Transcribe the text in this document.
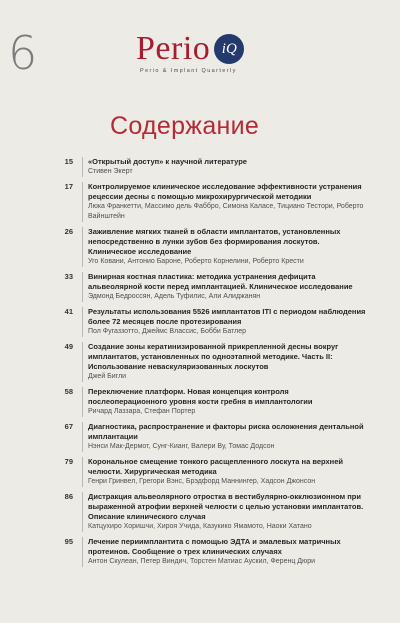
6	Perio iQ
Perio & Implant Quarterly
Содержание
15	«Открытый доступ» к научной литературе
Стивен Экерт
17	Контролируемое клиническое исследование эффективности устранения рецессии десны с помощью микрохирургической методики
Люка Франкетти, Массимо дель Фаббро, Симона Каласе, Тициано Тестори, Роберто Вайнштейн
26	Заживление мягких тканей в области имплантатов, установленных непосредственно в лунки зубов без формирования лоскутов. Клиническое исследование
Уго Ковани, Антонио Бароне, Роберто Корнелини, Роберто Крести
33	Винирная костная пластика: методика устранения дефицита альвеолярной кости перед имплантацией. Клиническое исследование
Эдмонд Бедроссян, Адель Туфилис, Али Алиджанян
41	Результаты использования 5526 имплантатов ITI с периодом наблюдения более 72 месяцев после протезирования
Пол Фугаззотто, Джеймс Влассис, Бобби Батлер
49	Создание зоны кератинизированной прикрепленной десны вокруг имплантатов, установленных по одноэтапной методике. Часть II: Использование неваскуляризованных лоскутов
Джей Бигли
58	Переключение платформ. Новая концепция контроля послеоперационного уровня кости гребня в имплантологии
Ричард Лаззара, Стефан Портер
67	Диагностика, распространение и факторы риска осложнения дентальной имплантации
Нэнси Мак-Дермот, Сунг-Кианг, Валери Ву, Томас Додсон
79	Корональное смещение тонкого расщепленного лоскута на верхней челюсти. Хирургическая методика
Генри Гринвел, Грегори Вэнс, Брэдфорд Маннингер, Хадсон Джонсон
86	Дистракция альвеолярного отростка в вестибулярно-окклюзионном при выраженной атрофии верхней челюсти с целью установки имплантатов. Описание клинического случая
Катцухиро Хоришчи, Хироя Учида, Казукико Ямамото, Наоки Хатано
95	Лечение периимплантита с помощью ЭДТА и эмалевых матричных протеинов. Сообщение о трех клинических случаях
Антон Скулеан, Петер Виндич, Торстен Матиас Аускил, Ференц Дюри
